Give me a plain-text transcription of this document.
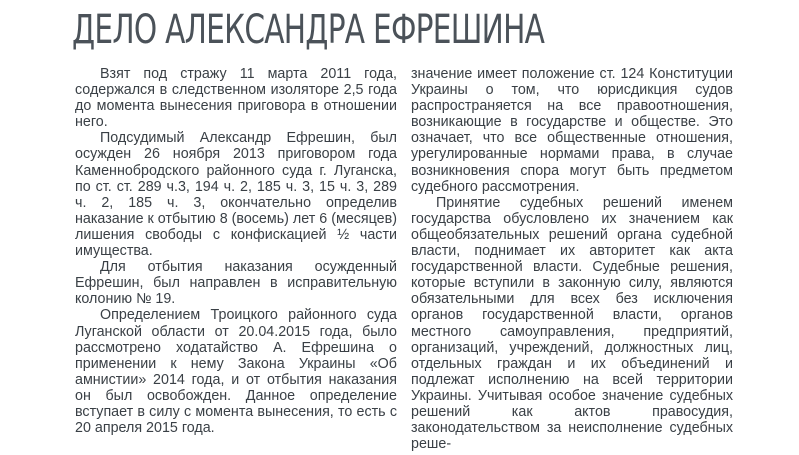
ДЕЛО АЛЕКСАНДРА ЕФРЕШИНА

Взят под стражу 11 марта 2011 года, содержался в следственном изоляторе 2,5 года до момента вынесения приговора в отношении него.

Подсудимый Александр Ефрешин, был осужден 26 ноября 2013 приговором года Каменнобродского районного суда г. Луганска, по ст. ст. 289 ч.3, 194 ч. 2, 185 ч. 3, 15 ч. 3, 289 ч. 2, 185 ч. 3, окончательно определив наказание к отбытию 8 (восемь) лет 6 (месяцев) лишения свободы с конфискацией ½ части имущества.

Для отбытия наказания осужденный Ефрешин, был направлен в исправительную колонию № 19.

Определением Троицкого районного суда Луганской области от 20.04.2015 года, было рассмотрено ходатайство А. Ефрешина о применении к нему Закона Украины «Об амнистии» 2014 года, и от отбытия наказания он был освобожден. Данное определение вступает в силу с момента вынесения, то есть с 20 апреля 2015 года.

значение имеет положение ст. 124 Конституции Украины о том, что юрисдикция судов распространяется на все правоотношения, возникающие в государстве и обществе. Это означает, что все общественные отношения, урегулированные нормами права, в случае возникновения спора могут быть предметом судебного рассмотрения.

Принятие судебных решений именем государства обусловлено их значением как общеобязательных решений органа судебной власти, поднимает их авторитет как акта государственной власти. Судебные решения, которые вступили в законную силу, являются обязательными для всех без исключения органов государственной власти, органов местного самоуправления, предприятий, организаций, учреждений, должностных лиц, отдельных граждан и их объединений и подлежат исполнению на всей территории Украины. Учитывая особое значение судебных решений как актов правосудия, законодательством за неисполнение судебных реше-
